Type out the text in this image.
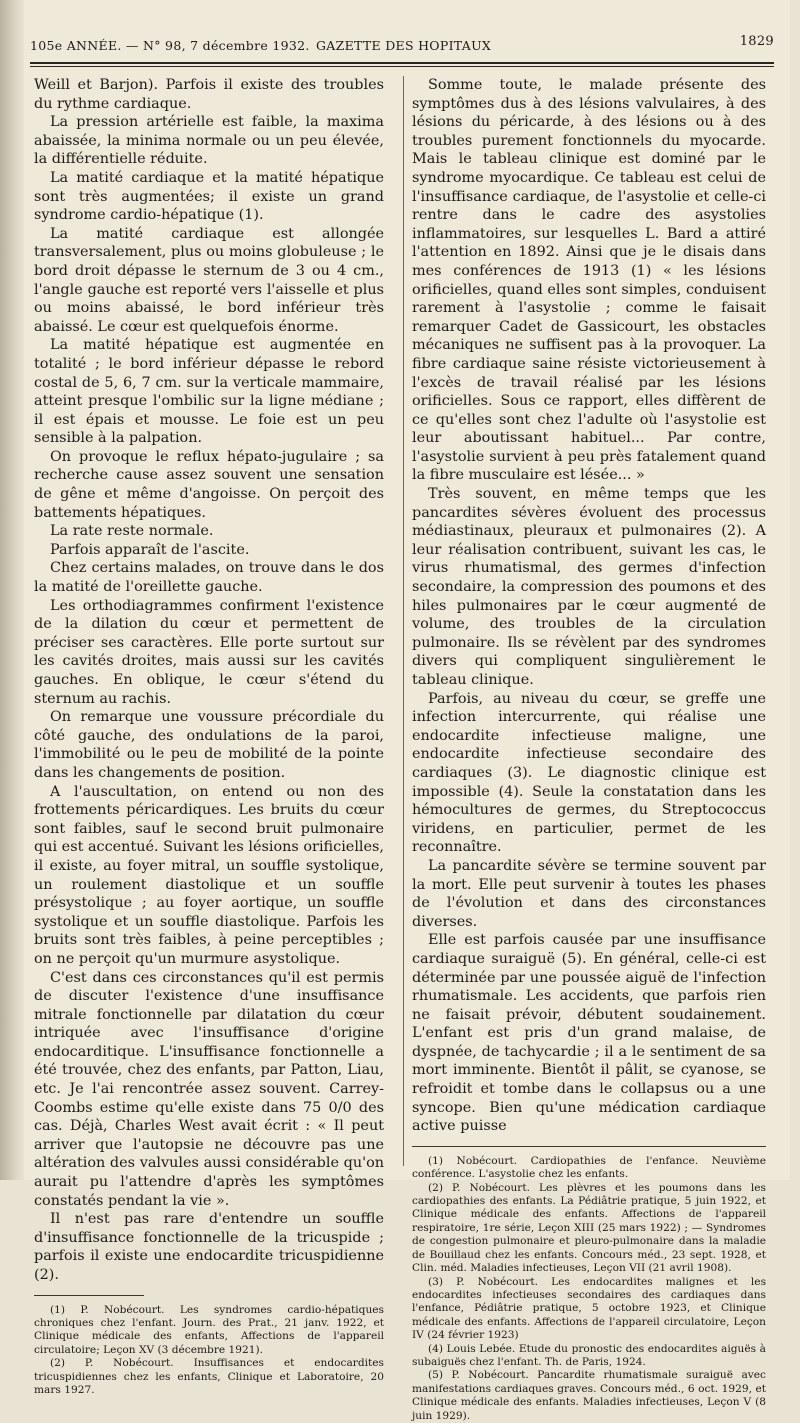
105e ANNÉE. — N° 98, 7 décembre 1932. GAZETTE DES HOPITAUX	1829

Weill et Barjon). Parfois il existe des troubles du rythme cardiaque.

La pression artérielle est faible, la maxima abaissée, la minima normale ou un peu élevée, la différentielle réduite.

La matité cardiaque et la matité hépatique sont très augmentées; il existe un grand syndrome cardio-hépatique (1).

La matité cardiaque est allongée transversalement, plus ou moins globuleuse ; le bord droit dépasse le sternum de 3 ou 4 cm., l'angle gauche est reporté vers l'aisselle et plus ou moins abaissé, le bord inférieur très abaissé. Le cœur est quelquefois énorme.

La matité hépatique est augmentée en totalité ; le bord inférieur dépasse le rebord costal de 5, 6, 7 cm. sur la verticale mammaire, atteint presque l'ombilic sur la ligne médiane ; il est épais et mousse. Le foie est un peu sensible à la palpation.

On provoque le reflux hépato-jugulaire ; sa recherche cause assez souvent une sensation de gêne et même d'angoisse. On perçoit des battements hépatiques.

La rate reste normale.

Parfois apparaît de l'ascite.

Chez certains malades, on trouve dans le dos la matité de l'oreillette gauche.

Les orthodiagrammes confirment l'existence de la dilation du cœur et permettent de préciser ses caractères. Elle porte surtout sur les cavités droites, mais aussi sur les cavités gauches. En oblique, le cœur s'étend du sternum au rachis.

On remarque une voussure précordiale du côté gauche, des ondulations de la paroi, l'immobilité ou le peu de mobilité de la pointe dans les changements de position.

A l'auscultation, on entend ou non des frottements péricardiques. Les bruits du cœur sont faibles, sauf le second bruit pulmonaire qui est accentué. Suivant les lésions orificielles, il existe, au foyer mitral, un souffle systolique, un roulement diastolique et un souffle présystolique ; au foyer aortique, un souffle systolique et un souffle diastolique. Parfois les bruits sont très faibles, à peine perceptibles ; on ne perçoit qu'un murmure asystolique.

C'est dans ces circonstances qu'il est permis de discuter l'existence d'une insuffisance mitrale fonctionnelle par dilatation du cœur intriquée avec l'insuffisance d'origine endocarditique. L'insuffisance fonctionnelle a été trouvée, chez des enfants, par Patton, Liau, etc. Je l'ai rencontrée assez souvent. Carrey-Coombs estime qu'elle existe dans 75 0/0 des cas. Déjà, Charles West avait écrit : « Il peut arriver que l'autopsie ne découvre pas une altération des valvules aussi considérable qu'on aurait pu l'attendre d'après les symptômes constatés pendant la vie ».

Il n'est pas rare d'entendre un souffle d'insuffisance fonctionnelle de la tricuspide ; parfois il existe une endocardite tricuspidienne (2).

(1) P. Nobécourt. Les syndromes cardio-hépatiques chroniques chez l'enfant. Journ. des Prat., 21 janv. 1922, et Clinique médicale des enfants, Affections de l'appareil circulatoire; Leçon XV (3 décembre 1921).

(2) P. Nobécourt. Insuffisances et endocardites tricuspidiennes chez les enfants, Clinique et Laboratoire, 20 mars 1927.

Somme toute, le malade présente des symptômes dus à des lésions valvulaires, à des lésions du péricarde, à des lésions ou à des troubles purement fonctionnels du myocarde. Mais le tableau clinique est dominé par le syndrome myocardique. Ce tableau est celui de l'insuffisance cardiaque, de l'asystolie et celle-ci rentre dans le cadre des asystolies inflammatoires, sur lesquelles L. Bard a attiré l'attention en 1892. Ainsi que je le disais dans mes conférences de 1913 (1) « les lésions orificielles, quand elles sont simples, conduisent rarement à l'asystolie ; comme le faisait remarquer Cadet de Gassicourt, les obstacles mécaniques ne suffisent pas à la provoquer. La fibre cardiaque saine résiste victorieusement à l'excès de travail réalisé par les lésions orificielles. Sous ce rapport, elles diffèrent de ce qu'elles sont chez l'adulte où l'asystolie est leur aboutissant habituel... Par contre, l'asystolie survient à peu près fatalement quand la fibre musculaire est lésée... »

Très souvent, en même temps que les pancardites sévères évoluent des processus médiastinaux, pleuraux et pulmonaires (2). A leur réalisation contribuent, suivant les cas, le virus rhumatismal, des germes d'infection secondaire, la compression des poumons et des hiles pulmonaires par le cœur augmenté de volume, des troubles de la circulation pulmonaire. Ils se révèlent par des syndromes divers qui compliquent singulièrement le tableau clinique.

Parfois, au niveau du cœur, se greffe une infection intercurrente, qui réalise une endocardite infectieuse maligne, une endocardite infectieuse secondaire des cardiaques (3). Le diagnostic clinique est impossible (4). Seule la constatation dans les hémocultures de germes, du Streptococcus viridens, en particulier, permet de les reconnaître.

La pancardite sévère se termine souvent par la mort. Elle peut survenir à toutes les phases de l'évolution et dans des circonstances diverses.

Elle est parfois causée par une insuffisance cardiaque suraiguë (5). En général, celle-ci est déterminée par une poussée aiguë de l'infection rhumatismale. Les accidents, que parfois rien ne faisait prévoir, débutent soudainement. L'enfant est pris d'un grand malaise, de dyspnée, de tachycardie ; il a le sentiment de sa mort imminente. Bientôt il pâlit, se cyanose, se refroidit et tombe dans le collapsus ou a une syncope. Bien qu'une médication cardiaque active puisse

(1) Nobécourt. Cardiopathies de l'enfance. Neuvième conférence. L'asystolie chez les enfants.

(2) P. Nobécourt. Les plèvres et les poumons dans les cardiopathies des enfants. La Pédiâtrie pratique, 5 juin 1922, et Clinique médicale des enfants. Affections de l'appareil respiratoire, 1re série, Leçon XIII (25 mars 1922) ; — Syndromes de congestion pulmonaire et pleuro-pulmonaire dans la maladie de Bouillaud chez les enfants. Concours méd., 23 sept. 1928, et Clin. méd. Maladies infectieuses, Leçon VII (21 avril 1908).

(3) P. Nobécourt. Les endocardites malignes et les endocardites infectieuses secondaires des cardiaques dans l'enfance, Pédiâtrie pratique, 5 octobre 1923, et Clinique médicale des enfants. Affections de l'appareil circulatoire, Leçon IV (24 février 1923)

(4) Louis Lebée. Etude du pronostic des endocardites aiguës à subaiguës chez l'enfant. Th. de Paris, 1924.

(5) P. Nobécourt. Pancardite rhumatismale suraiguë avec manifestations cardiaques graves. Concours méd., 6 oct. 1929, et Clinique médicale des enfants. Maladies infectieuses, Leçon V (8 juin 1929).
